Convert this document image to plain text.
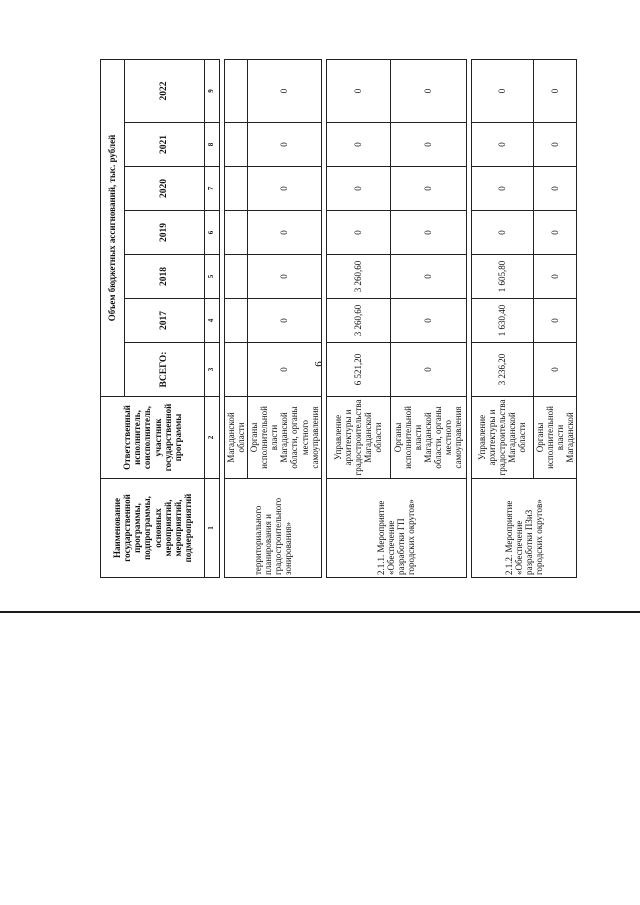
6
Наименование государственной программы, подпрограммы, основных мероприятий, мероприятий, подмероприятий	Ответственный исполнитель, соисполнитель, участник государственной программы	Объем бюджетных ассигнований, тыс. рублей						
		ВСЕГО:	2017	2018	2019	2020	2021	2022
1	2	3	4	5	6	7	8	9

территориального планирования и градостроительного зонирования»	Магаданской области							
	Органы исполнительной власти Магаданской области, органы местного самоуправления	0	0	0	0	0	0	0

2.1.1. Мероприятие «Обеспечение разработки ГП городских округов»	Управление архитектуры и градостроительства Магаданской области	6 521,20	3 260,60	3 260,60	0	0	0	0
	Органы исполнительной власти Магаданской области, органы местного самоуправления	0	0	0	0	0	0	0

2.1.2. Мероприятие «Обеспечение разработки ПЗиЗ городских округов»	Управление архитектуры и градостроительства Магаданской области	3 236,20	1 630,40	1 605,80	0	0	0	0
	Органы исполнительной власти Магаданской	0	0	0	0	0	0	0
